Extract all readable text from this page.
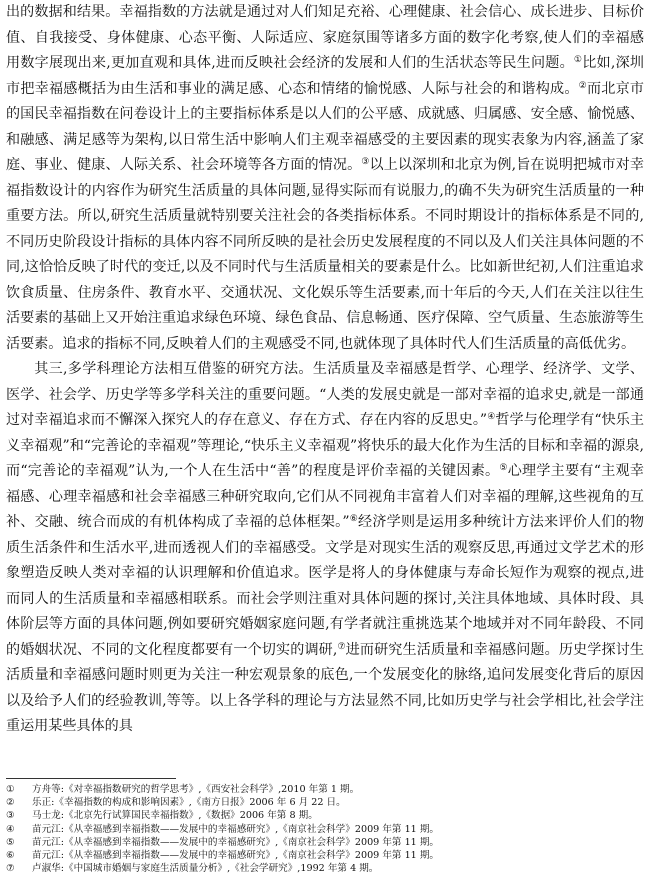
出的数据和结果。幸福指数的方法就是通过对人们知足充裕、心理健康、社会信心、成长进步、目标价值、自我接受、身体健康、心态平衡、人际适应、家庭氛围等诸多方面的数字化考察,使人们的幸福感用数字展现出来,更加直观和具体,进而反映社会经济的发展和人们的生活状态等民生问题。①比如,深圳市把幸福感概括为由生活和事业的满足感、心态和情绪的愉悦感、人际与社会的和谐构成。②而北京市的国民幸福指数在问卷设计上的主要指标体系是以人们的公平感、成就感、归属感、安全感、愉悦感、和融感、满足感等为架构,以日常生活中影响人们主观幸福感受的主要因素的现实表象为内容,涵盖了家庭、事业、健康、人际关系、社会环境等各方面的情况。③以上以深圳和北京为例,旨在说明把城市对幸福指数设计的内容作为研究生活质量的具体问题,显得实际而有说服力,的确不失为研究生活质量的一种重要方法。所以,研究生活质量就特别要关注社会的各类指标体系。不同时期设计的指标体系是不同的,不同历史阶段设计指标的具体内容不同所反映的是社会历史发展程度的不同以及人们关注具体问题的不同,这恰恰反映了时代的变迁,以及不同时代与生活质量相关的要素是什么。比如新世纪初,人们注重追求饮食质量、住房条件、教育水平、交通状况、文化娱乐等生活要素,而十年后的今天,人们在关注以往生活要素的基础上又开始注重追求绿色环境、绿色食品、信息畅通、医疗保障、空气质量、生态旅游等生活要素。追求的指标不同,反映着人们的主观感受不同,也就体现了具体时代人们生活质量的高低优劣。

其三,多学科理论方法相互借鉴的研究方法。生活质量及幸福感是哲学、心理学、经济学、文学、医学、社会学、历史学等多学科关注的重要问题。“人类的发展史就是一部对幸福的追求史,就是一部通过对幸福追求而不懈深入探究人的存在意义、存在方式、存在内容的反思史。”④哲学与伦理学有“快乐主义幸福观”和“完善论的幸福观”等理论,“快乐主义幸福观”将快乐的最大化作为生活的目标和幸福的源泉,而“完善论的幸福观”认为,一个人在生活中“善”的程度是评价幸福的关键因素。⑤心理学主要有“主观幸福感、心理幸福感和社会幸福感三种研究取向,它们从不同视角丰富着人们对幸福的理解,这些视角的互补、交融、统合而成的有机体构成了幸福的总体框架。”⑥经济学则是运用多种统计方法来评价人们的物质生活条件和生活水平,进而透视人们的幸福感受。文学是对现实生活的观察反思,再通过文学艺术的形象塑造反映人类对幸福的认识理解和价值追求。医学是将人的身体健康与寿命长短作为观察的视点,进而同人的生活质量和幸福感相联系。而社会学则注重对具体问题的探讨,关注具体地域、具体时段、具体阶层等方面的具体问题,例如要研究婚姻家庭问题,有学者就注重挑选某个地域并对不同年龄段、不同的婚姻状况、不同的文化程度都要有一个切实的调研,⑦进而研究生活质量和幸福感问题。历史学探讨生活质量和幸福感问题时则更为关注一种宏观景象的底色,一个发展变化的脉络,追问发展变化背后的原因以及给予人们的经验教训,等等。以上各学科的理论与方法显然不同,比如历史学与社会学相比,社会学注重运用某些具体的具

①	方舟等:《对幸福指数研究的哲学思考》,《西安社会科学》,2010 年第 1 期。
②	乐正:《幸福指数的构成和影响因素》,《南方日报》2006 年 6 月 22 日。
③	马士龙:《北京先行试算国民幸福指数》,《数据》2006 年第 8 期。
④	苗元江:《从幸福感到幸福指数——发展中的幸福感研究》,《南京社会科学》2009 年第 11 期。
⑤	苗元江:《从幸福感到幸福指数——发展中的幸福感研究》,《南京社会科学》2009 年第 11 期。
⑥	苗元江:《从幸福感到幸福指数——发展中的幸福感研究》,《南京社会科学》2009 年第 11 期。
⑦	卢淑华:《中国城市婚姻与家庭生活质量分析》,《社会学研究》,1992 年第 4 期。
